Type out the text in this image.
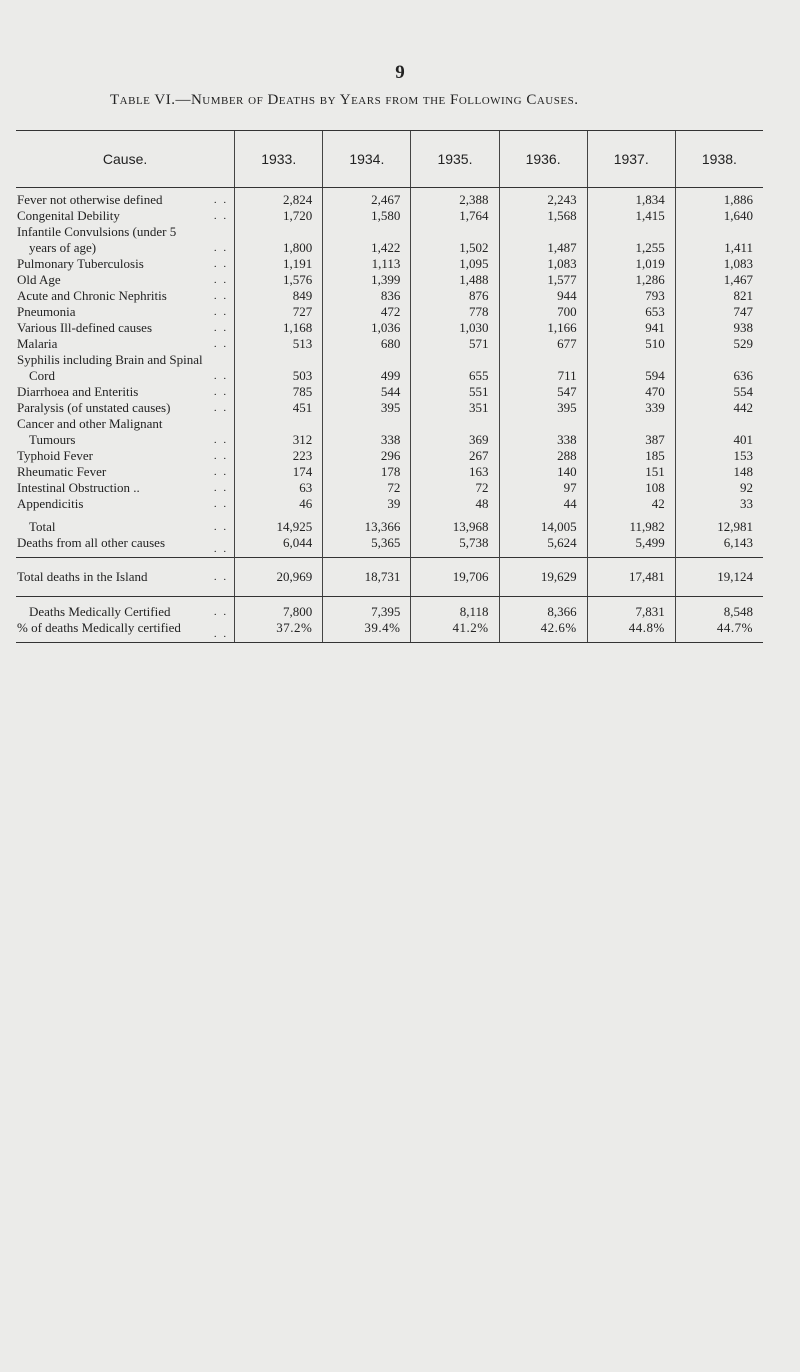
9
Table VI.—Number of Deaths by Years from the Following Causes.
Cause.	1933.	1934.	1935.	1936.	1937.	1938.

Fever not otherwise defined . .	2,824	2,467	2,388	2,243	1,834	1,886

Congenital Debility . .	1,720	1,580	1,764	1,568	1,415	1,640

Infantile Convulsions (under 5
years of age) . .	1,800	1,422	1,502	1,487	1,255	1,411

Pulmonary Tuberculosis . .	1,191	1,113	1,095	1,083	1,019	1,083

Old Age . .	1,576	1,399	1,488	1,577	1,286	1,467

Acute and Chronic Nephritis . .	849	836	876	944	793	821

Pneumonia . .	727	472	778	700	653	747

Various Ill-defined causes . .	1,168	1,036	1,030	1,166	941	938

Malaria . .	513	680	571	677	510	529

Syphilis including Brain and Spinal
Cord . .	503	499	655	711	594	636

Diarrhoea and Enteritis . .	785	544	551	547	470	554

Paralysis (of unstated causes) . .	451	395	351	395	339	442

Cancer and other Malignant
Tumours . .	312	338	369	338	387	401

Typhoid Fever . .	223	296	267	288	185	153

Rheumatic Fever . .	174	178	163	140	151	148

Intestinal Obstruction .. . .	63	72	72	97	108	92

Appendicitis . .	46	39	48	44	42	33
Total . .	14,925	13,366	13,968	14,005	11,982	12,981
Deaths from all other causes . .	6,044	5,365	5,738	5,624	5,499	6,143
Total deaths in the Island . .	20,969	18,731	19,706	19,629	17,481	19,124
Deaths Medically Certified . .	7,800	7,395	8,118	8,366	7,831	8,548
% of deaths Medically certified . .	37.2%	39.4%	41.2%	42.6%	44.8%	44.7%
